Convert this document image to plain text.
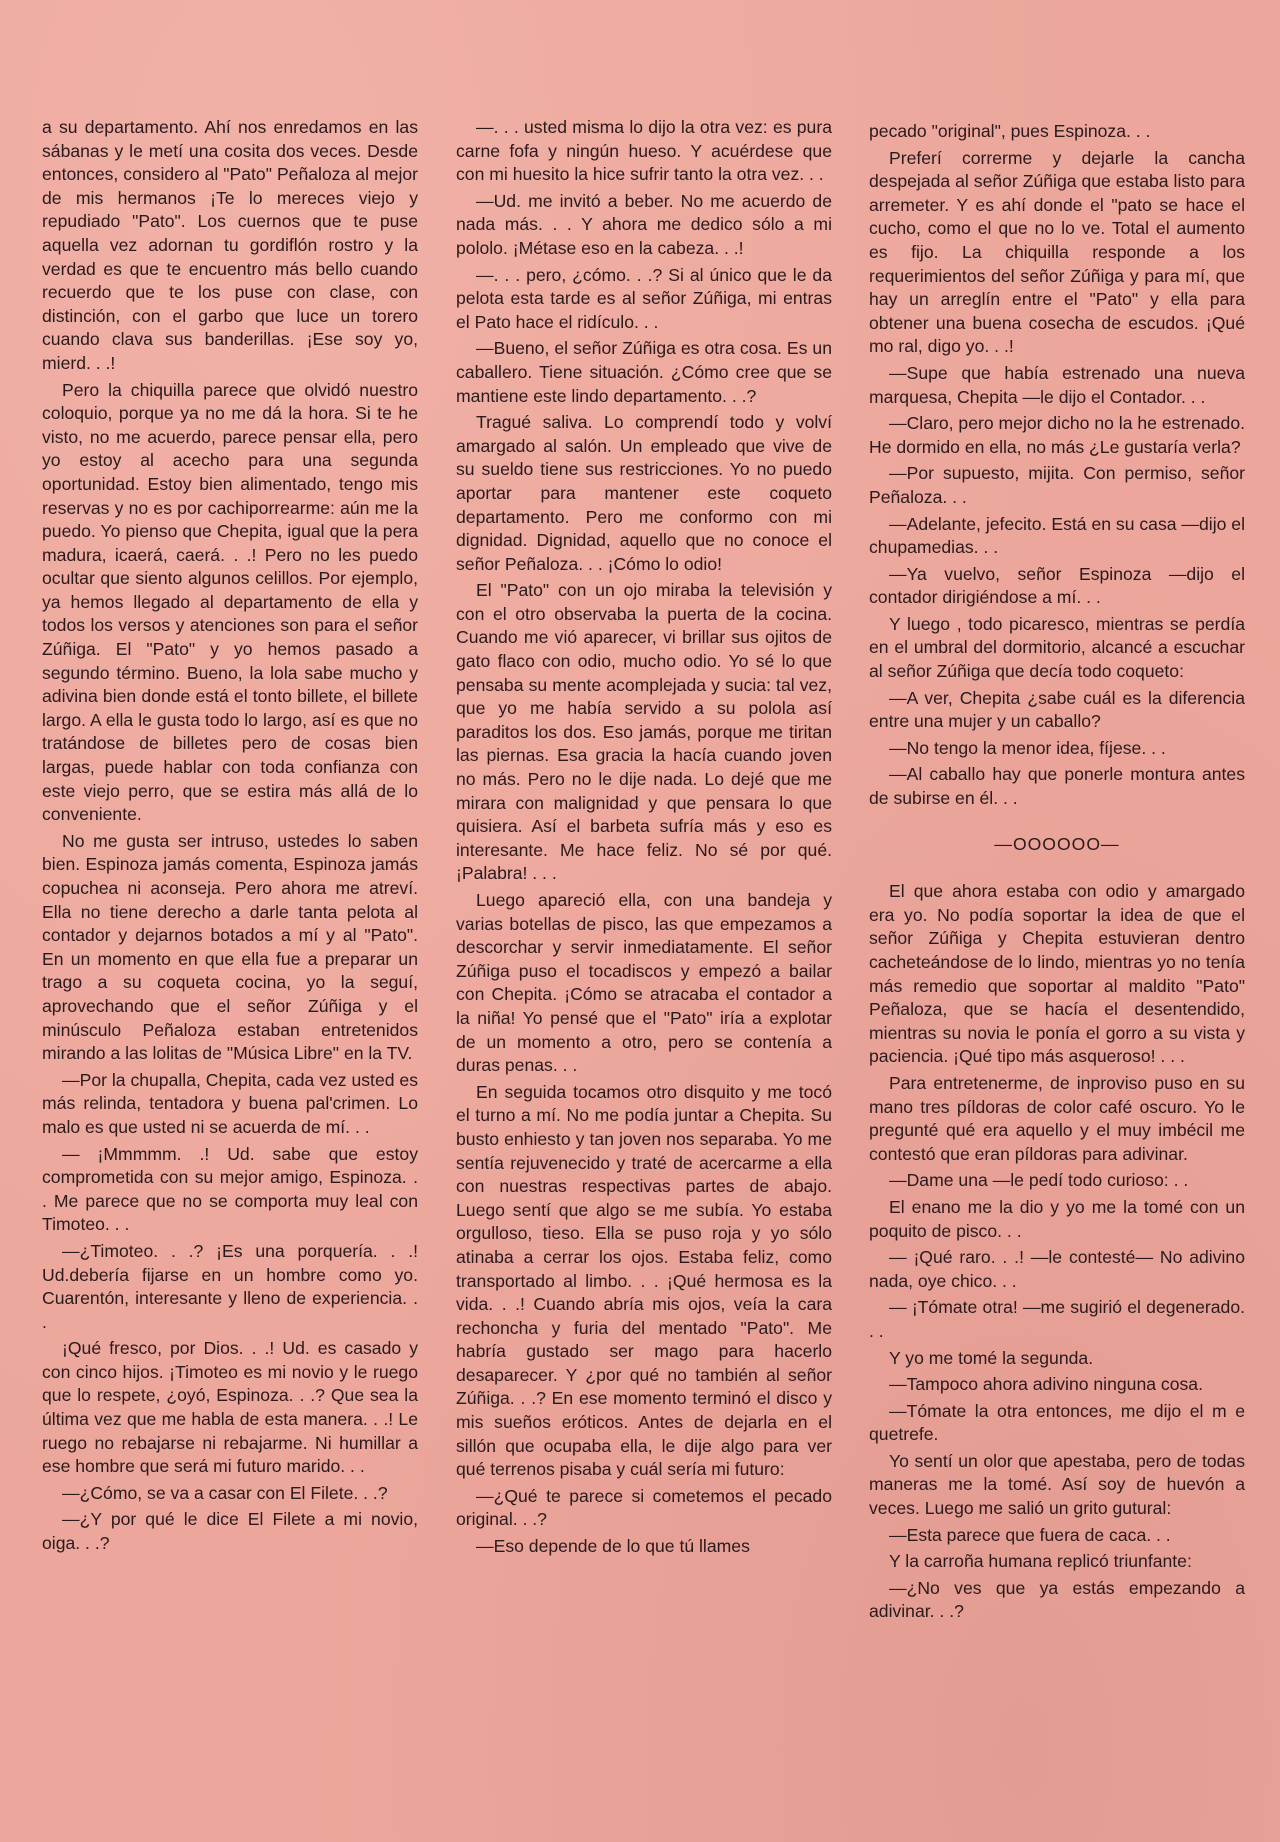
a su departamento. Ahí nos enredamos en las sábanas y le metí una cosita dos veces. Desde entonces, considero al "Pato" Peñaloza al mejor de mis hermanos ¡Te lo mereces viejo y repudiado "Pato". Los cuernos que te puse aquella vez adornan tu gordiflón rostro y la verdad es que te encuentro más bello cuando recuerdo que te los puse con clase, con distinción, con el garbo que luce un torero cuando clava sus banderillas. ¡Ese soy yo, mierd. . .!

Pero la chiquilla parece que olvidó nuestro coloquio, porque ya no me dá la hora. Si te he visto, no me acuerdo, parece pensar ella, pero yo estoy al acecho para una segunda oportunidad. Estoy bien alimentado, tengo mis reservas y no es por cachiporrearme: aún me la puedo. Yo pienso que Chepita, igual que la pera madura, icaerá, caerá. . .! Pero no les puedo ocultar que siento algunos celillos. Por ejemplo, ya hemos llegado al departamento de ella y todos los versos y atenciones son para el señor Zúñiga. El "Pato" y yo hemos pasado a segundo término. Bueno, la lola sabe mucho y adivina bien donde está el tonto billete, el billete largo. A ella le gusta todo lo largo, así es que no tratándose de billetes pero de cosas bien largas, puede hablar con toda confianza con este viejo perro, que se estira más allá de lo conveniente.

No me gusta ser intruso, ustedes lo saben bien. Espinoza jamás comenta, Espinoza jamás copuchea ni aconseja. Pero ahora me atreví. Ella no tiene derecho a darle tanta pelota al contador y dejarnos botados a mí y al "Pato". En un momento en que ella fue a preparar un trago a su coqueta cocina, yo la seguí, aprovechando que el señor Zúñiga y el minúsculo Peñaloza estaban entretenidos mirando a las lolitas de "Música Libre" en la TV.

—Por la chupalla, Chepita, cada vez usted es más relinda, tentadora y buena pal'crimen. Lo malo es que usted ni se acuerda de mí. . .

— ¡Mmmmm. .! Ud. sabe que estoy comprometida con su mejor amigo, Espinoza. . . Me parece que no se comporta muy leal con Timoteo. . .

—¿Timoteo. . .? ¡Es una porquería. . .! Ud.debería fijarse en un hombre como yo. Cuarentón, interesante y lleno de experiencia. . .

¡Qué fresco, por Dios. . .! Ud. es casado y con cinco hijos. ¡Timoteo es mi novio y le ruego que lo respete, ¿oyó, Espinoza. . .? Que sea la última vez que me habla de esta manera. . .! Le ruego no rebajarse ni rebajarme. Ni humillar a ese hombre que será mi futuro marido. . .

—¿Cómo, se va a casar con El Filete. . .?

—¿Y por qué le dice El Filete a mi novio, oiga. . .?

—. . . usted misma lo dijo la otra vez: es pura carne fofa y ningún hueso. Y acuérdese que con mi huesito la hice sufrir tanto la otra vez. . .

—Ud. me invitó a beber. No me acuerdo de nada más. . . Y ahora me dedico sólo a mi pololo. ¡Métase eso en la cabeza. . .!

—. . . pero, ¿cómo. . .? Si al único que le da pelota esta tarde es al señor Zúñiga, mi entras el Pato hace el ridículo. . .

—Bueno, el señor Zúñiga es otra cosa. Es un caballero. Tiene situación. ¿Cómo cree que se mantiene este lindo departamento. . .?

Tragué saliva. Lo comprendí todo y volví amargado al salón. Un empleado que vive de su sueldo tiene sus restricciones. Yo no puedo aportar para mantener este coqueto departamento. Pero me conformo con mi dignidad. Dignidad, aquello que no conoce el señor Peñaloza. . . ¡Cómo lo odio!

El "Pato" con un ojo miraba la televisión y con el otro observaba la puerta de la cocina. Cuando me vió aparecer, vi brillar sus ojitos de gato flaco con odio, mucho odio. Yo sé lo que pensaba su mente acomplejada y sucia: tal vez, que yo me había servido a su polola así paraditos los dos. Eso jamás, porque me tiritan las piernas. Esa gracia la hacía cuando joven no más. Pero no le dije nada. Lo dejé que me mirara con malignidad y que pensara lo que quisiera. Así el barbeta sufría más y eso es interesante. Me hace feliz. No sé por qué. ¡Palabra! . . .

Luego apareció ella, con una bandeja y varias botellas de pisco, las que empezamos a descorchar y servir inmediatamente. El señor Zúñiga puso el tocadiscos y empezó a bailar con Chepita. ¡Cómo se atracaba el contador a la niña! Yo pensé que el "Pato" iría a explotar de un momento a otro, pero se contenía a duras penas. . .

En seguida tocamos otro disquito y me tocó el turno a mí. No me podía juntar a Chepita. Su busto enhiesto y tan joven nos separaba. Yo me sentía rejuvenecido y traté de acercarme a ella con nuestras respectivas partes de abajo. Luego sentí que algo se me subía. Yo estaba orgulloso, tieso. Ella se puso roja y yo sólo atinaba a cerrar los ojos. Estaba feliz, como transportado al limbo. . . ¡Qué hermosa es la vida. . .! Cuando abría mis ojos, veía la cara rechoncha y furia del mentado "Pato". Me habría gustado ser mago para hacerlo desaparecer. Y ¿por qué no también al señor Zúñiga. . .? En ese momento terminó el disco y mis sueños eróticos. Antes de dejarla en el sillón que ocupaba ella, le dije algo para ver qué terrenos pisaba y cuál sería mi futuro:

—¿Qué te parece si cometemos el pecado original. . .?

—Eso depende de lo que tú llames

pecado "original", pues Espinoza. . .

Preferí correrme y dejarle la cancha despejada al señor Zúñiga que estaba listo para arremeter. Y es ahí donde el "pato se hace el cucho, como el que no lo ve. Total el aumento es fijo. La chiquilla responde a los requerimientos del señor Zúñiga y para mí, que hay un arreglín entre el "Pato" y ella para obtener una buena cosecha de escudos. ¡Qué mo ral, digo yo. . .!

—Supe que había estrenado una nueva marquesa, Chepita —le dijo el Contador. . .

—Claro, pero mejor dicho no la he estrenado. He dormido en ella, no más ¿Le gustaría verla?

—Por supuesto, mijita. Con permiso, señor Peñaloza. . .

—Adelante, jefecito. Está en su casa —dijo el chupamedias. . .

—Ya vuelvo, señor Espinoza —dijo el contador dirigiéndose a mí. . .

Y luego , todo picaresco, mientras se perdía en el umbral del dormitorio, alcancé a escuchar al señor Zúñiga que decía todo coqueto:

—A ver, Chepita ¿sabe cuál es la diferencia entre una mujer y un caballo?

—No tengo la menor idea, fíjese. . .

—Al caballo hay que ponerle montura antes de subirse en él. . .

—OOOOOO—

El que ahora estaba con odio y amargado era yo. No podía soportar la idea de que el señor Zúñiga y Chepita estuvieran dentro cacheteándose de lo lindo, mientras yo no tenía más remedio que soportar al maldito "Pato" Peñaloza, que se hacía el desentendido, mientras su novia le ponía el gorro a su vista y paciencia. ¡Qué tipo más asqueroso! . . .

Para entretenerme, de inproviso puso en su mano tres píldoras de color café oscuro. Yo le pregunté qué era aquello y el muy imbécil me contestó que eran píldoras para adivinar.

—Dame una —le pedí todo curioso: . .

El enano me la dio y yo me la tomé con un poquito de pisco. . .

— ¡Qué raro. . .! —le contesté— No adivino nada, oye chico. . .

— ¡Tómate otra! —me sugirió el degenerado. . .

Y yo me tomé la segunda.

—Tampoco ahora adivino ninguna cosa.

—Tómate la otra entonces, me dijo el m e quetrefe.

Yo sentí un olor que apestaba, pero de todas maneras me la tomé. Así soy de huevón a veces. Luego me salió un grito gutural:

—Esta parece que fuera de caca. . .

Y la carroña humana replicó triunfante:

—¿No ves que ya estás empezando a adivinar. . .?
